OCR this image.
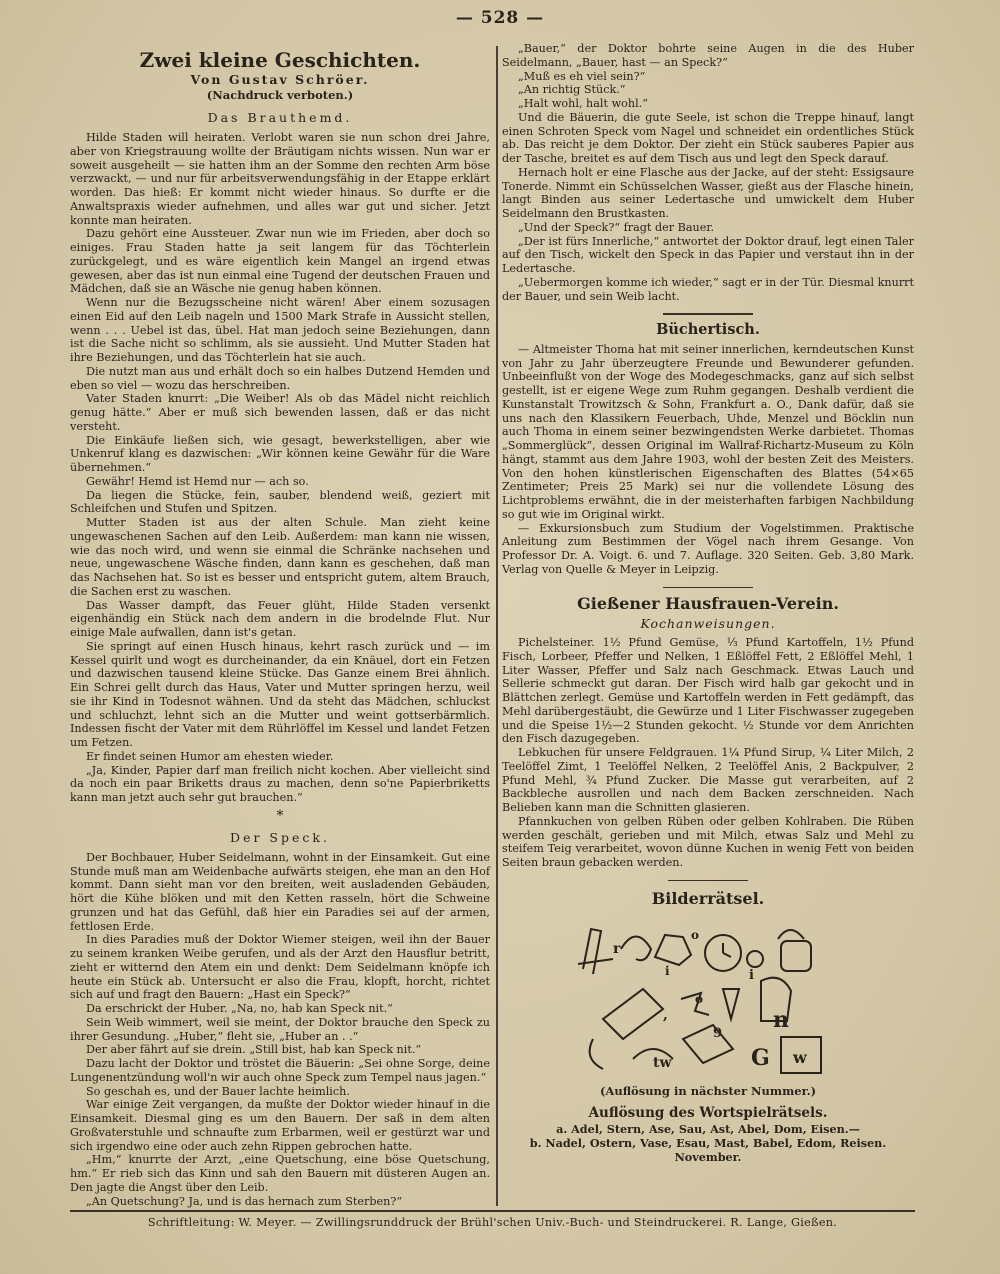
— 528 —
Zwei kleine Geschichten.
Von Gustav Schröer.
(Nachdruck verboten.)
Das Brauthemd.

Hilde Staden will heiraten. Verlobt waren sie nun schon drei Jahre, aber von Kriegstrauung wollte der Bräutigam nichts wissen. Nun war er soweit ausgeheilt — sie hatten ihm an der Somme den rechten Arm böse verzwackt, — und nur für arbeitsverwendungsfähig in der Etappe erklärt worden. Das hieß: Er kommt nicht wieder hinaus. So durfte er die Anwaltspraxis wieder aufnehmen, und alles war gut und sicher. Jetzt konnte man heiraten.

Dazu gehört eine Aussteuer. Zwar nun wie im Frieden, aber doch so einiges. Frau Staden hatte ja seit langem für das Töchterlein zurückgelegt, und es wäre eigentlich kein Mangel an irgend etwas gewesen, aber das ist nun einmal eine Tugend der deutschen Frauen und Mädchen, daß sie an Wäsche nie genug haben können.

Wenn nur die Bezugsscheine nicht wären! Aber einem sozusagen einen Eid auf den Leib nageln und 1500 Mark Strafe in Aussicht stellen, wenn . . . Uebel ist das, übel. Hat man jedoch seine Beziehungen, dann ist die Sache nicht so schlimm, als sie aussieht. Und Mutter Staden hat ihre Beziehungen, und das Töchterlein hat sie auch.

Die nutzt man aus und erhält doch so ein halbes Dutzend Hemden und eben so viel — wozu das herschreiben.

Vater Staden knurrt: „Die Weiber! Als ob das Mädel nicht reichlich genug hätte.“ Aber er muß sich bewenden lassen, daß er das nicht versteht.

Die Einkäufe ließen sich, wie gesagt, bewerkstelligen, aber wie Unkenruf klang es dazwischen: „Wir können keine Gewähr für die Ware übernehmen.“

Gewähr! Hemd ist Hemd nur — ach so.

Da liegen die Stücke, fein, sauber, blendend weiß, geziert mit Schleifchen und Stufen und Spitzen.

Mutter Staden ist aus der alten Schule. Man zieht keine ungewaschenen Sachen auf den Leib. Außerdem: man kann nie wissen, wie das noch wird, und wenn sie einmal die Schränke nachsehen und neue, ungewaschene Wäsche finden, dann kann es geschehen, daß man das Nachsehen hat. So ist es besser und entspricht gutem, altem Brauch, die Sachen erst zu waschen.

Das Wasser dampft, das Feuer glüht, Hilde Staden versenkt eigenhändig ein Stück nach dem andern in die brodelnde Flut. Nur einige Male aufwallen, dann ist's getan.

Sie springt auf einen Husch hinaus, kehrt rasch zurück und — im Kessel quirlt und wogt es durcheinander, da ein Knäuel, dort ein Fetzen und dazwischen tausend kleine Stücke. Das Ganze einem Brei ähnlich. Ein Schrei gellt durch das Haus, Vater und Mutter springen herzu, weil sie ihr Kind in Todesnot wähnen. Und da steht das Mädchen, schluckst und schluchzt, lehnt sich an die Mutter und weint gottserbärmlich. Indessen fischt der Vater mit dem Rührlöffel im Kessel und landet Fetzen um Fetzen.

Er findet seinen Humor am ehesten wieder.

„Ja, Kinder, Papier darf man freilich nicht kochen. Aber vielleicht sind da noch ein paar Briketts draus zu machen, denn so'ne Papierbriketts kann man jetzt auch sehr gut brauchen.“

*
Der Speck.

Der Bochbauer, Huber Seidelmann, wohnt in der Einsamkeit. Gut eine Stunde muß man am Weidenbache aufwärts steigen, ehe man an den Hof kommt. Dann sieht man vor den breiten, weit ausladenden Gebäuden, hört die Kühe blöken und mit den Ketten rasseln, hört die Schweine grunzen und hat das Gefühl, daß hier ein Paradies sei auf der armen, fettlosen Erde.

In dies Paradies muß der Doktor Wiemer steigen, weil ihn der Bauer zu seinem kranken Weibe gerufen, und als der Arzt den Hausflur betritt, zieht er witternd den Atem ein und denkt: Dem Seidelmann knöpfe ich heute ein Stück ab. Untersucht er also die Frau, klopft, horcht, richtet sich auf und fragt den Bauern: „Hast ein Speck?“

Da erschrickt der Huber. „Na, no, hab kan Speck nit.“

Sein Weib wimmert, weil sie meint, der Doktor brauche den Speck zu ihrer Gesundung. „Huber,“ fleht sie, „Huber an . .“

Der aber fährt auf sie drein. „Still bist, hab kan Speck nit.“

Dazu lacht der Doktor und tröstet die Bäuerin: „Sei ohne Sorge, deine Lungenentzündung woll'n wir auch ohne Speck zum Tempel naus jagen.“

So geschah es, und der Bauer lachte heimlich.

War einige Zeit vergangen, da mußte der Doktor wieder hinauf in die Einsamkeit. Diesmal ging es um den Bauern. Der saß in dem alten Großvaterstuhle und schnaufte zum Erbarmen, weil er gestürzt war und sich irgendwo eine oder auch zehn Rippen gebrochen hatte.

„Hm,“ knurrte der Arzt, „eine Quetschung, eine böse Quetschung, hm.“ Er rieb sich das Kinn und sah den Bauern mit düsteren Augen an. Den jagte die Angst über den Leib.

„An Quetschung? Ja, und is das hernach zum Sterben?“

„Bauer,“ der Doktor bohrte seine Augen in die des Huber Seidelmann, „Bauer, hast — an Speck?“

„Muß es eh viel sein?“

„An richtig Stück.“

„Halt wohl, halt wohl.“

Und die Bäuerin, die gute Seele, ist schon die Treppe hinauf, langt einen Schroten Speck vom Nagel und schneidet ein ordentliches Stück ab. Das reicht je dem Doktor. Der zieht ein Stück sauberes Papier aus der Tasche, breitet es auf dem Tisch aus und legt den Speck darauf.

Hernach holt er eine Flasche aus der Jacke, auf der steht: Essigsaure Tonerde. Nimmt ein Schüsselchen Wasser, gießt aus der Flasche hinein, langt Binden aus seiner Ledertasche und umwickelt dem Huber Seidelmann den Brustkasten.

„Und der Speck?“ fragt der Bauer.

„Der ist fürs Innerliche,“ antwortet der Doktor drauf, legt einen Taler auf den Tisch, wickelt den Speck in das Papier und verstaut ihn in der Ledertasche.

„Uebermorgen komme ich wieder,“ sagt er in der Tür. Diesmal knurrt der Bauer, und sein Weib lacht.

Büchertisch.

— Altmeister Thoma hat mit seiner innerlichen, kerndeutschen Kunst von Jahr zu Jahr überzeugtere Freunde und Bewunderer gefunden. Unbeeinflußt von der Woge des Modegeschmacks, ganz auf sich selbst gestellt, ist er eigene Wege zum Ruhm gegangen. Deshalb verdient die Kunstanstalt Trowitzsch & Sohn, Frankfurt a. O., Dank dafür, daß sie uns nach den Klassikern Feuerbach, Uhde, Menzel und Böcklin nun auch Thoma in einem seiner bezwingendsten Werke darbietet. Thomas „Sommerglück“, dessen Original im Wallraf-Richartz-Museum zu Köln hängt, stammt aus dem Jahre 1903, wohl der besten Zeit des Meisters. Von den hohen künstlerischen Eigenschaften des Blattes (54×65 Zentimeter; Preis 25 Mark) sei nur die vollendete Lösung des Lichtproblems erwähnt, die in der meisterhaften farbigen Nachbildung so gut wie im Original wirkt.

— Exkursionsbuch zum Studium der Vogelstimmen. Praktische Anleitung zum Bestimmen der Vögel nach ihrem Gesange. Von Professor Dr. A. Voigt. 6. und 7. Auflage. 320 Seiten. Geb. 3,80 Mark. Verlag von Quelle & Meyer in Leipzig.

Gießener Hausfrauen-Verein.
Kochanweisungen.

Pichelsteiner. 1½ Pfund Gemüse, ⅓ Pfund Kartoffeln, 1½ Pfund Fisch, Lorbeer, Pfeffer und Nelken, 1 Eßlöffel Fett, 2 Eßlöffel Mehl, 1 Liter Wasser, Pfeffer und Salz nach Geschmack. Etwas Lauch und Sellerie schmeckt gut daran. Der Fisch wird halb gar gekocht und in Blättchen zerlegt. Gemüse und Kartoffeln werden in Fett gedämpft, das Mehl darübergestäubt, die Gewürze und 1 Liter Fischwasser zugegeben und die Speise 1½—2 Stunden gekocht. ½ Stunde vor dem Anrichten den Fisch dazugegeben.

Lebkuchen für unsere Feldgrauen. 1¼ Pfund Sirup, ¼ Liter Milch, 2 Teelöffel Zimt, 1 Teelöffel Nelken, 2 Teelöffel Anis, 2 Backpulver, 2 Pfund Mehl, ¾ Pfund Zucker. Die Masse gut verarbeiten, auf 2 Backbleche ausrollen und nach dem Backen zerschneiden. Nach Belieben kann man die Schnitten glasieren.

Pfannkuchen von gelben Rüben oder gelben Kohlraben. Die Rüben werden geschält, gerieben und mit Milch, etwas Salz und Mehl zu steifem Teig verarbeitet, wovon dünne Kuchen in wenig Fett von beiden Seiten braun gebacken werden.

Bilderrätsel.
r
o
i	i
o
,	n
tw	G w
9
(Auflösung in nächster Nummer.)
Auflösung des Wortspielrätsels.
a. Adel, Stern, Ase, Sau, Ast, Abel, Dom, Eisen.—
b. Nadel, Ostern, Vase, Esau, Mast, Babel, Edom, Reisen.
November.
Schriftleitung: W. Meyer. — Zwillingsrunddruck der Brühl'schen Univ.-Buch- und Steindruckerei. R. Lange, Gießen.
